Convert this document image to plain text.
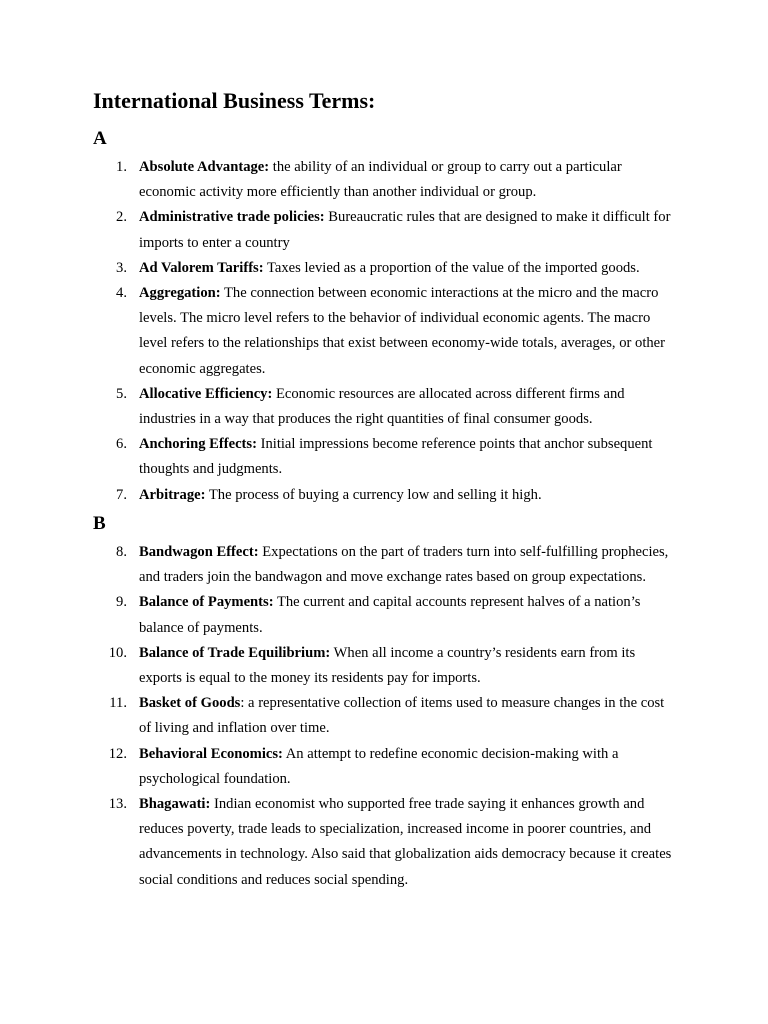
International Business Terms:
A
1. Absolute Advantage: the ability of an individual or group to carry out a particular economic activity more efficiently than another individual or group.
2. Administrative trade policies: Bureaucratic rules that are designed to make it difficult for imports to enter a country
3. Ad Valorem Tariffs: Taxes levied as a proportion of the value of the imported goods.
4. Aggregation: The connection between economic interactions at the micro and the macro levels. The micro level refers to the behavior of individual economic agents. The macro level refers to the relationships that exist between economy-wide totals, averages, or other economic aggregates.
5. Allocative Efficiency: Economic resources are allocated across different firms and industries in a way that produces the right quantities of final consumer goods.
6. Anchoring Effects: Initial impressions become reference points that anchor subsequent thoughts and judgments.
7. Arbitrage: The process of buying a currency low and selling it high.
B
8. Bandwagon Effect: Expectations on the part of traders turn into self-fulfilling prophecies, and traders join the bandwagon and move exchange rates based on group expectations.
9. Balance of Payments: The current and capital accounts represent halves of a nation’s balance of payments.
10. Balance of Trade Equilibrium: When all income a country’s residents earn from its exports is equal to the money its residents pay for imports.
11. Basket of Goods: a representative collection of items used to measure changes in the cost of living and inflation over time.
12. Behavioral Economics: An attempt to redefine economic decision-making with a psychological foundation.
13. Bhagawati: Indian economist who supported free trade saying it enhances growth and reduces poverty, trade leads to specialization, increased income in poorer countries, and advancements in technology. Also said that globalization aids democracy because it creates social conditions and reduces social spending.
